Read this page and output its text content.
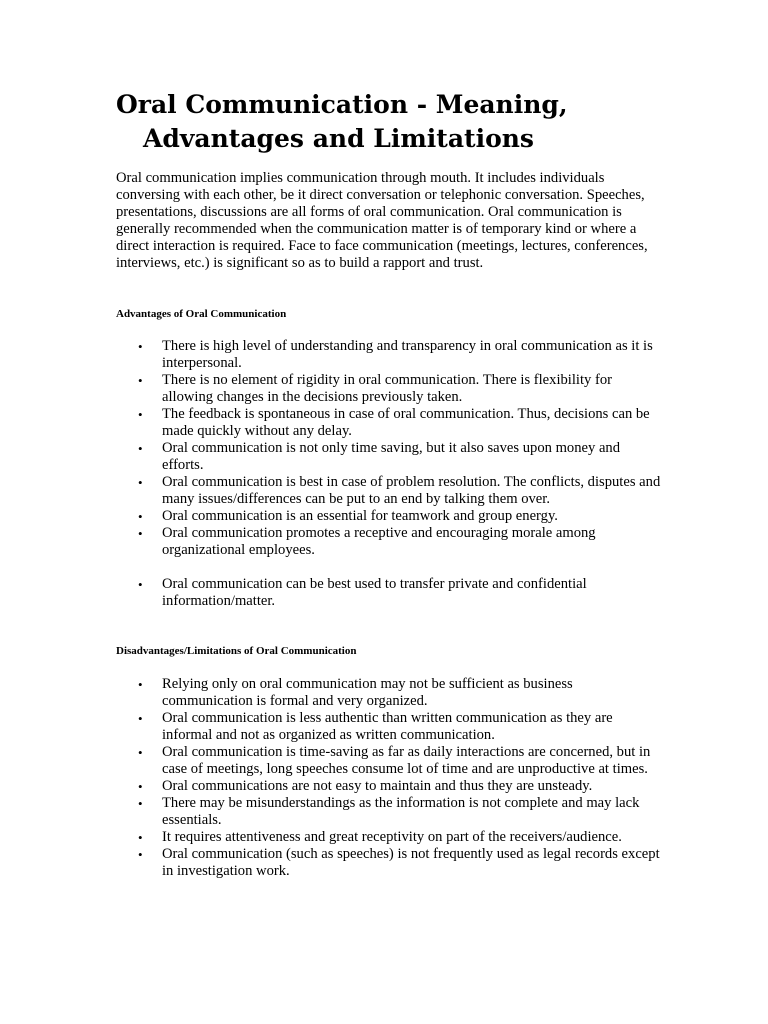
Oral Communication - Meaning,
Advantages and Limitations

Oral communication implies communication through mouth. It includes individuals conversing with each other, be it direct conversation or telephonic conversation. Speeches, presentations, discussions are all forms of oral communication. Oral communication is generally recommended when the communication matter is of temporary kind or where a direct interaction is required. Face to face communication (meetings, lectures, conferences, interviews, etc.) is significant so as to build a rapport and trust.

Advantages of Oral Communication
• There is high level of understanding and transparency in oral communication as it is interpersonal.
• There is no element of rigidity in oral communication. There is flexibility for allowing changes in the decisions previously taken.
• The feedback is spontaneous in case of oral communication. Thus, decisions can be made quickly without any delay.
• Oral communication is not only time saving, but it also saves upon money and efforts.
• Oral communication is best in case of problem resolution. The conflicts, disputes and many issues/differences can be put to an end by talking them over.
• Oral communication is an essential for teamwork and group energy.
• Oral communication promotes a receptive and encouraging morale among organizational employees.
• Oral communication can be best used to transfer private and confidential information/matter.
Disadvantages/Limitations of Oral Communication
• Relying only on oral communication may not be sufficient as business communication is formal and very organized.
• Oral communication is less authentic than written communication as they are informal and not as organized as written communication.
• Oral communication is time-saving as far as daily interactions are concerned, but in case of meetings, long speeches consume lot of time and are unproductive at times.
• Oral communications are not easy to maintain and thus they are unsteady.
• There may be misunderstandings as the information is not complete and may lack essentials.
• It requires attentiveness and great receptivity on part of the receivers/audience.
• Oral communication (such as speeches) is not frequently used as legal records except in investigation work.
